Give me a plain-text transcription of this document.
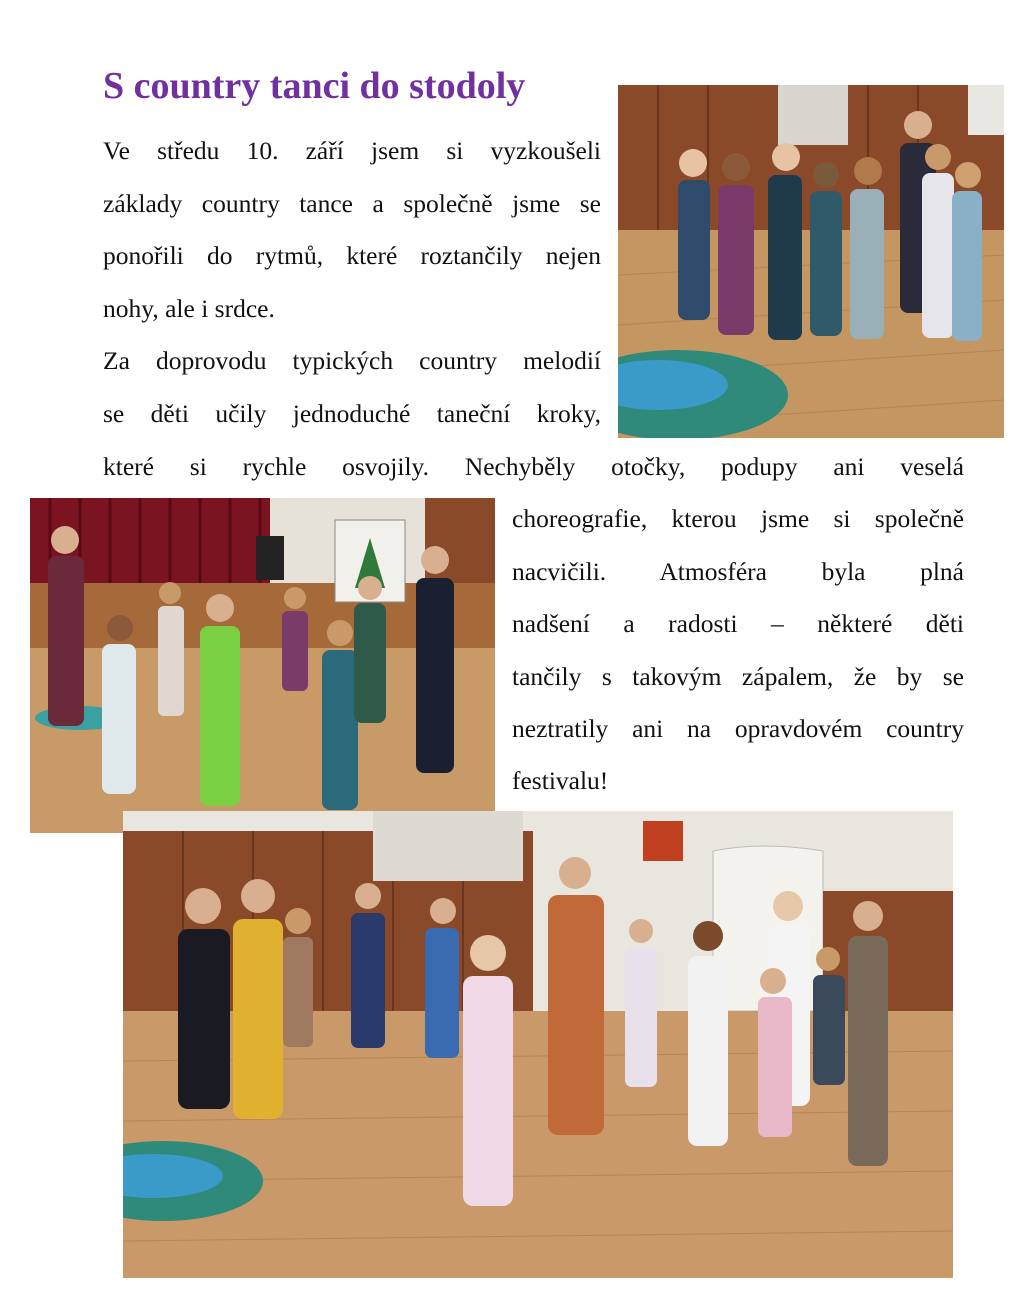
S country tanci do stodoly
Ve středu 10. září jsem si vyzkoušeli
základy country tance a společně jsme se
ponořili do rytmů, které roztančily nejen
nohy, ale i srdce.
Za doprovodu typických country melodií
se děti učily jednoduché taneční kroky,
které si rychle osvojily. Nechyběly otočky, podupy ani veselá
choreografie, kterou jsme si společně
nacvičili. Atmosféra byla plná
nadšení a radosti – některé děti
tančily s takovým zápalem, že by se
neztratily ani na opravdovém country
festivalu!
